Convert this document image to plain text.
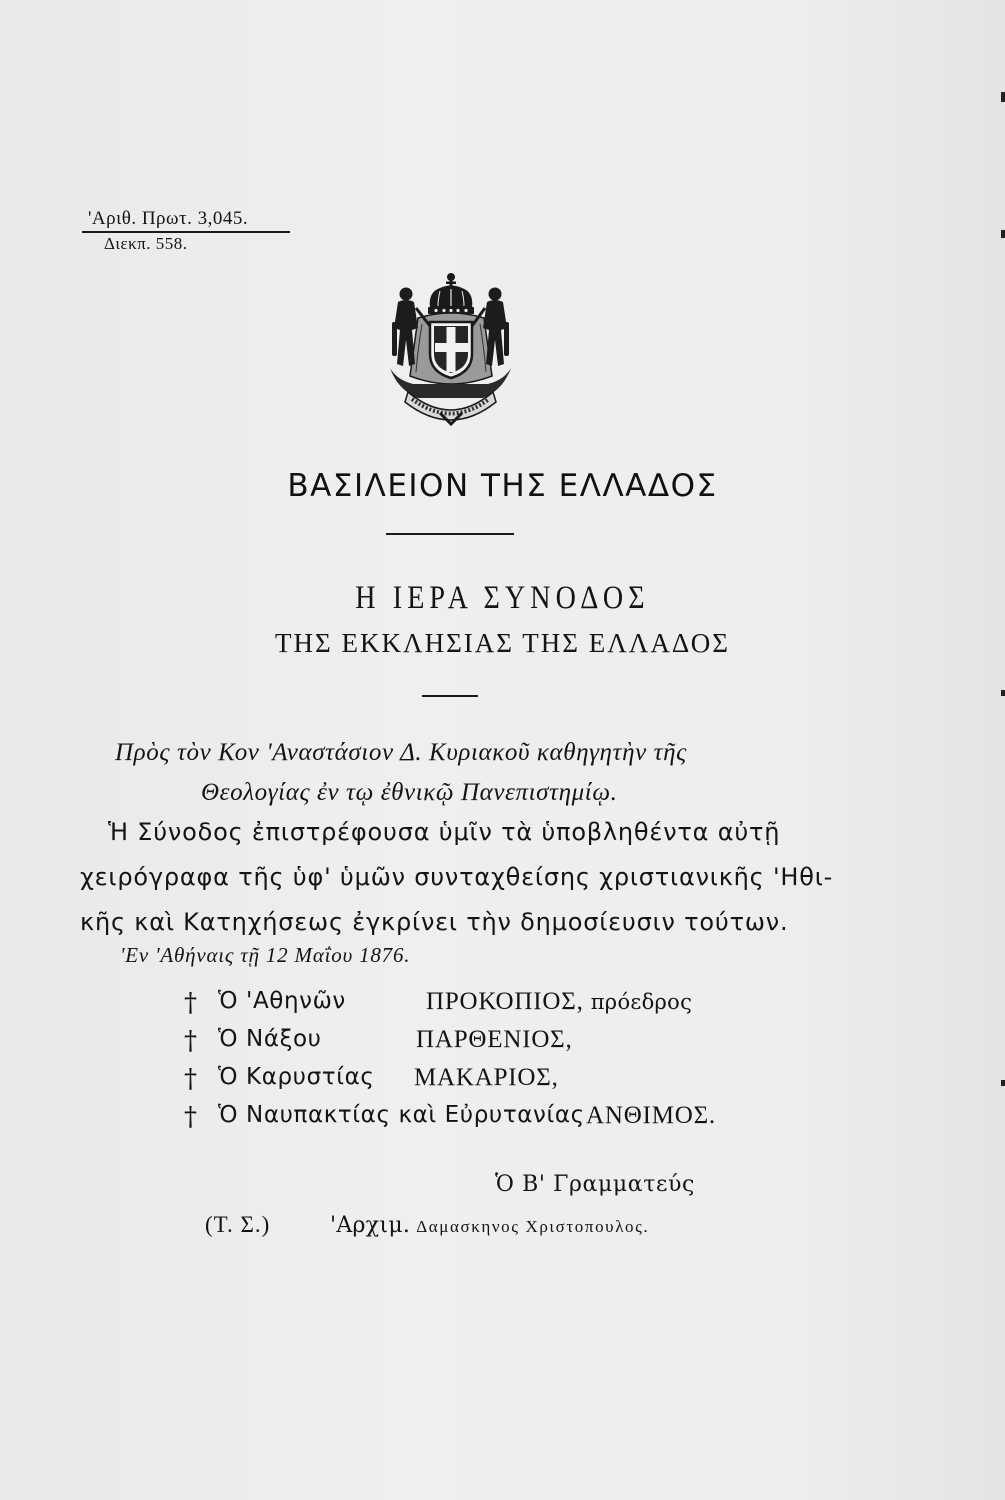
'Αριθ. Πρωτ. 3,045.
Διεκπ. 558.
ΒΑΣΙΛΕΙΟΝ ΤΗΣ ΕΛΛΑΔΟΣ
Η ΙΕΡΑ ΣΥΝΟΔΟΣ
ΤΗΣ ΕΚΚΛΗΣΙΑΣ ΤΗΣ ΕΛΛΑΔΟΣ
Πρὸς τὸν Κον 'Αναστάσιον Δ. Κυριακοῦ καθηγητὴν τῆς
Θεολογίας ἐν τῳ ἐθνικῷ Πανεπιστημίῳ.
Ἡ Σύνοδος ἐπιστρέφουσα ὑμῖν τὰ ὑποβληθέντα αὐτῇ
χειρόγραφα τῆς ὑφ' ὑμῶν συνταχθείσης χριστιανικῆς 'Ηθι-
κῆς καὶ Κατηχήσεως ἐγκρίνει τὴν δημοσίευσιν τούτων.
'Εν 'Αθήναις τῇ 12 Μαΐου 1876.
† Ὁ 'Αθηνῶν	ΠΡΟΚΟΠΙΟΣ, πρόεδρος
† Ὁ Νάξου	ΠΑΡΘΕΝΙΟΣ,
† Ὁ Καρυστίας ΜΑΚΑΡΙΟΣ,
† Ὁ Ναυπακτίας καὶ Εὐρυτανίας ΑΝΘΙΜΟΣ.
Ὁ Β' Γραμματεύς
(Τ. Σ.)	'Αρχιμ. Δαμασκηνος Χριστοπουλος.
